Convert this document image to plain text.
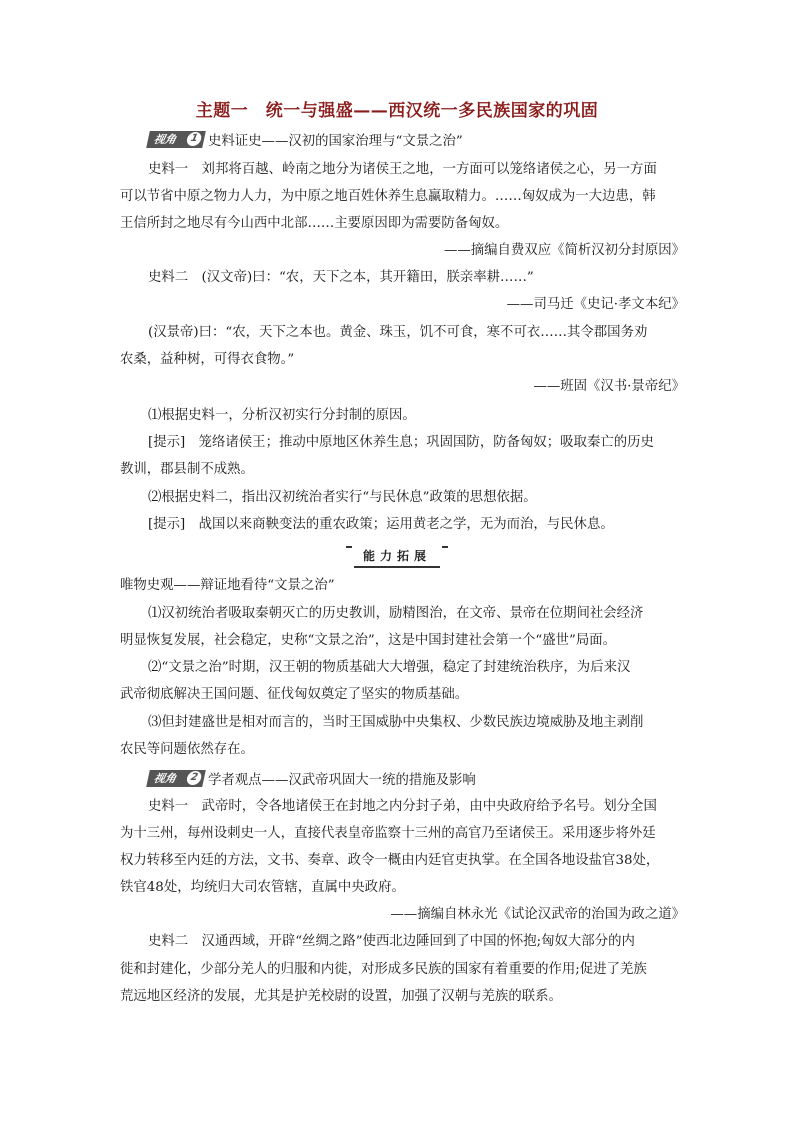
主题一　统一与强盛——西汉统一多民族国家的巩固
视角	1 史料证史——汉初的国家治理与“文景之治”
史料一　刘邦将百越、岭南之地分为诸侯王之地，一方面可以笼络诸侯之心，另一方面
可以节省中原之物力人力，为中原之地百姓休养生息赢取精力。……匈奴成为一大边患，韩
王信所封之地尽有今山西中北部……主要原因即为需要防备匈奴。
——摘编自费双应《简析汉初分封原因》
史料二　(汉文帝)曰：“农，天下之本，其开籍田，朕亲率耕……”
——司马迁《史记·孝文本纪》
(汉景帝)曰：“农，天下之本也。黄金、珠玉，饥不可食，寒不可衣……其令郡国务劝
农桑，益种树，可得衣食物。”
——班固《汉书·景帝纪》
⑴根据史料一，分析汉初实行分封制的原因。
[提示]　笼络诸侯王；推动中原地区休养生息；巩固国防，防备匈奴；吸取秦亡的历史
教训，郡县制不成熟。
⑵根据史料二，指出汉初统治者实行“与民休息”政策的思想依据。
[提示]　战国以来商鞅变法的重农政策；运用黄老之学，无为而治，与民休息。
能力拓展
唯物史观——辩证地看待“文景之治”
⑴汉初统治者吸取秦朝灭亡的历史教训，励精图治，在文帝、景帝在位期间社会经济
明显恢复发展，社会稳定，史称“文景之治”，这是中国封建社会第一个“盛世”局面。
⑵“文景之治”时期，汉王朝的物质基础大大增强，稳定了封建统治秩序，为后来汉
武帝彻底解决王国问题、征伐匈奴奠定了坚实的物质基础。
⑶但封建盛世是相对而言的，当时王国威胁中央集权、少数民族边境威胁及地主剥削
农民等问题依然存在。
视角	2 学者观点——汉武帝巩固大一统的措施及影响
史料一　武帝时，令各地诸侯王在封地之内分封子弟，由中央政府给予名号。划分全国
为十三州，每州设刺史一人，直接代表皇帝监察十三州的高官乃至诸侯王。采用逐步将外廷
权力转移至内廷的方法，文书、奏章、政令一概由内廷官吏执掌。在全国各地设盐官38处，
铁官48处，均统归大司农管辖，直属中央政府。
——摘编自林永光《试论汉武帝的治国为政之道》
史料二　汉通西域，开辟“丝绸之路”使西北边陲回到了中国的怀抱;匈奴大部分的内
徙和封建化，少部分羌人的归服和内徙，对形成多民族的国家有着重要的作用;促进了羌族
荒远地区经济的发展，尤其是护羌校尉的设置，加强了汉朝与羌族的联系。
